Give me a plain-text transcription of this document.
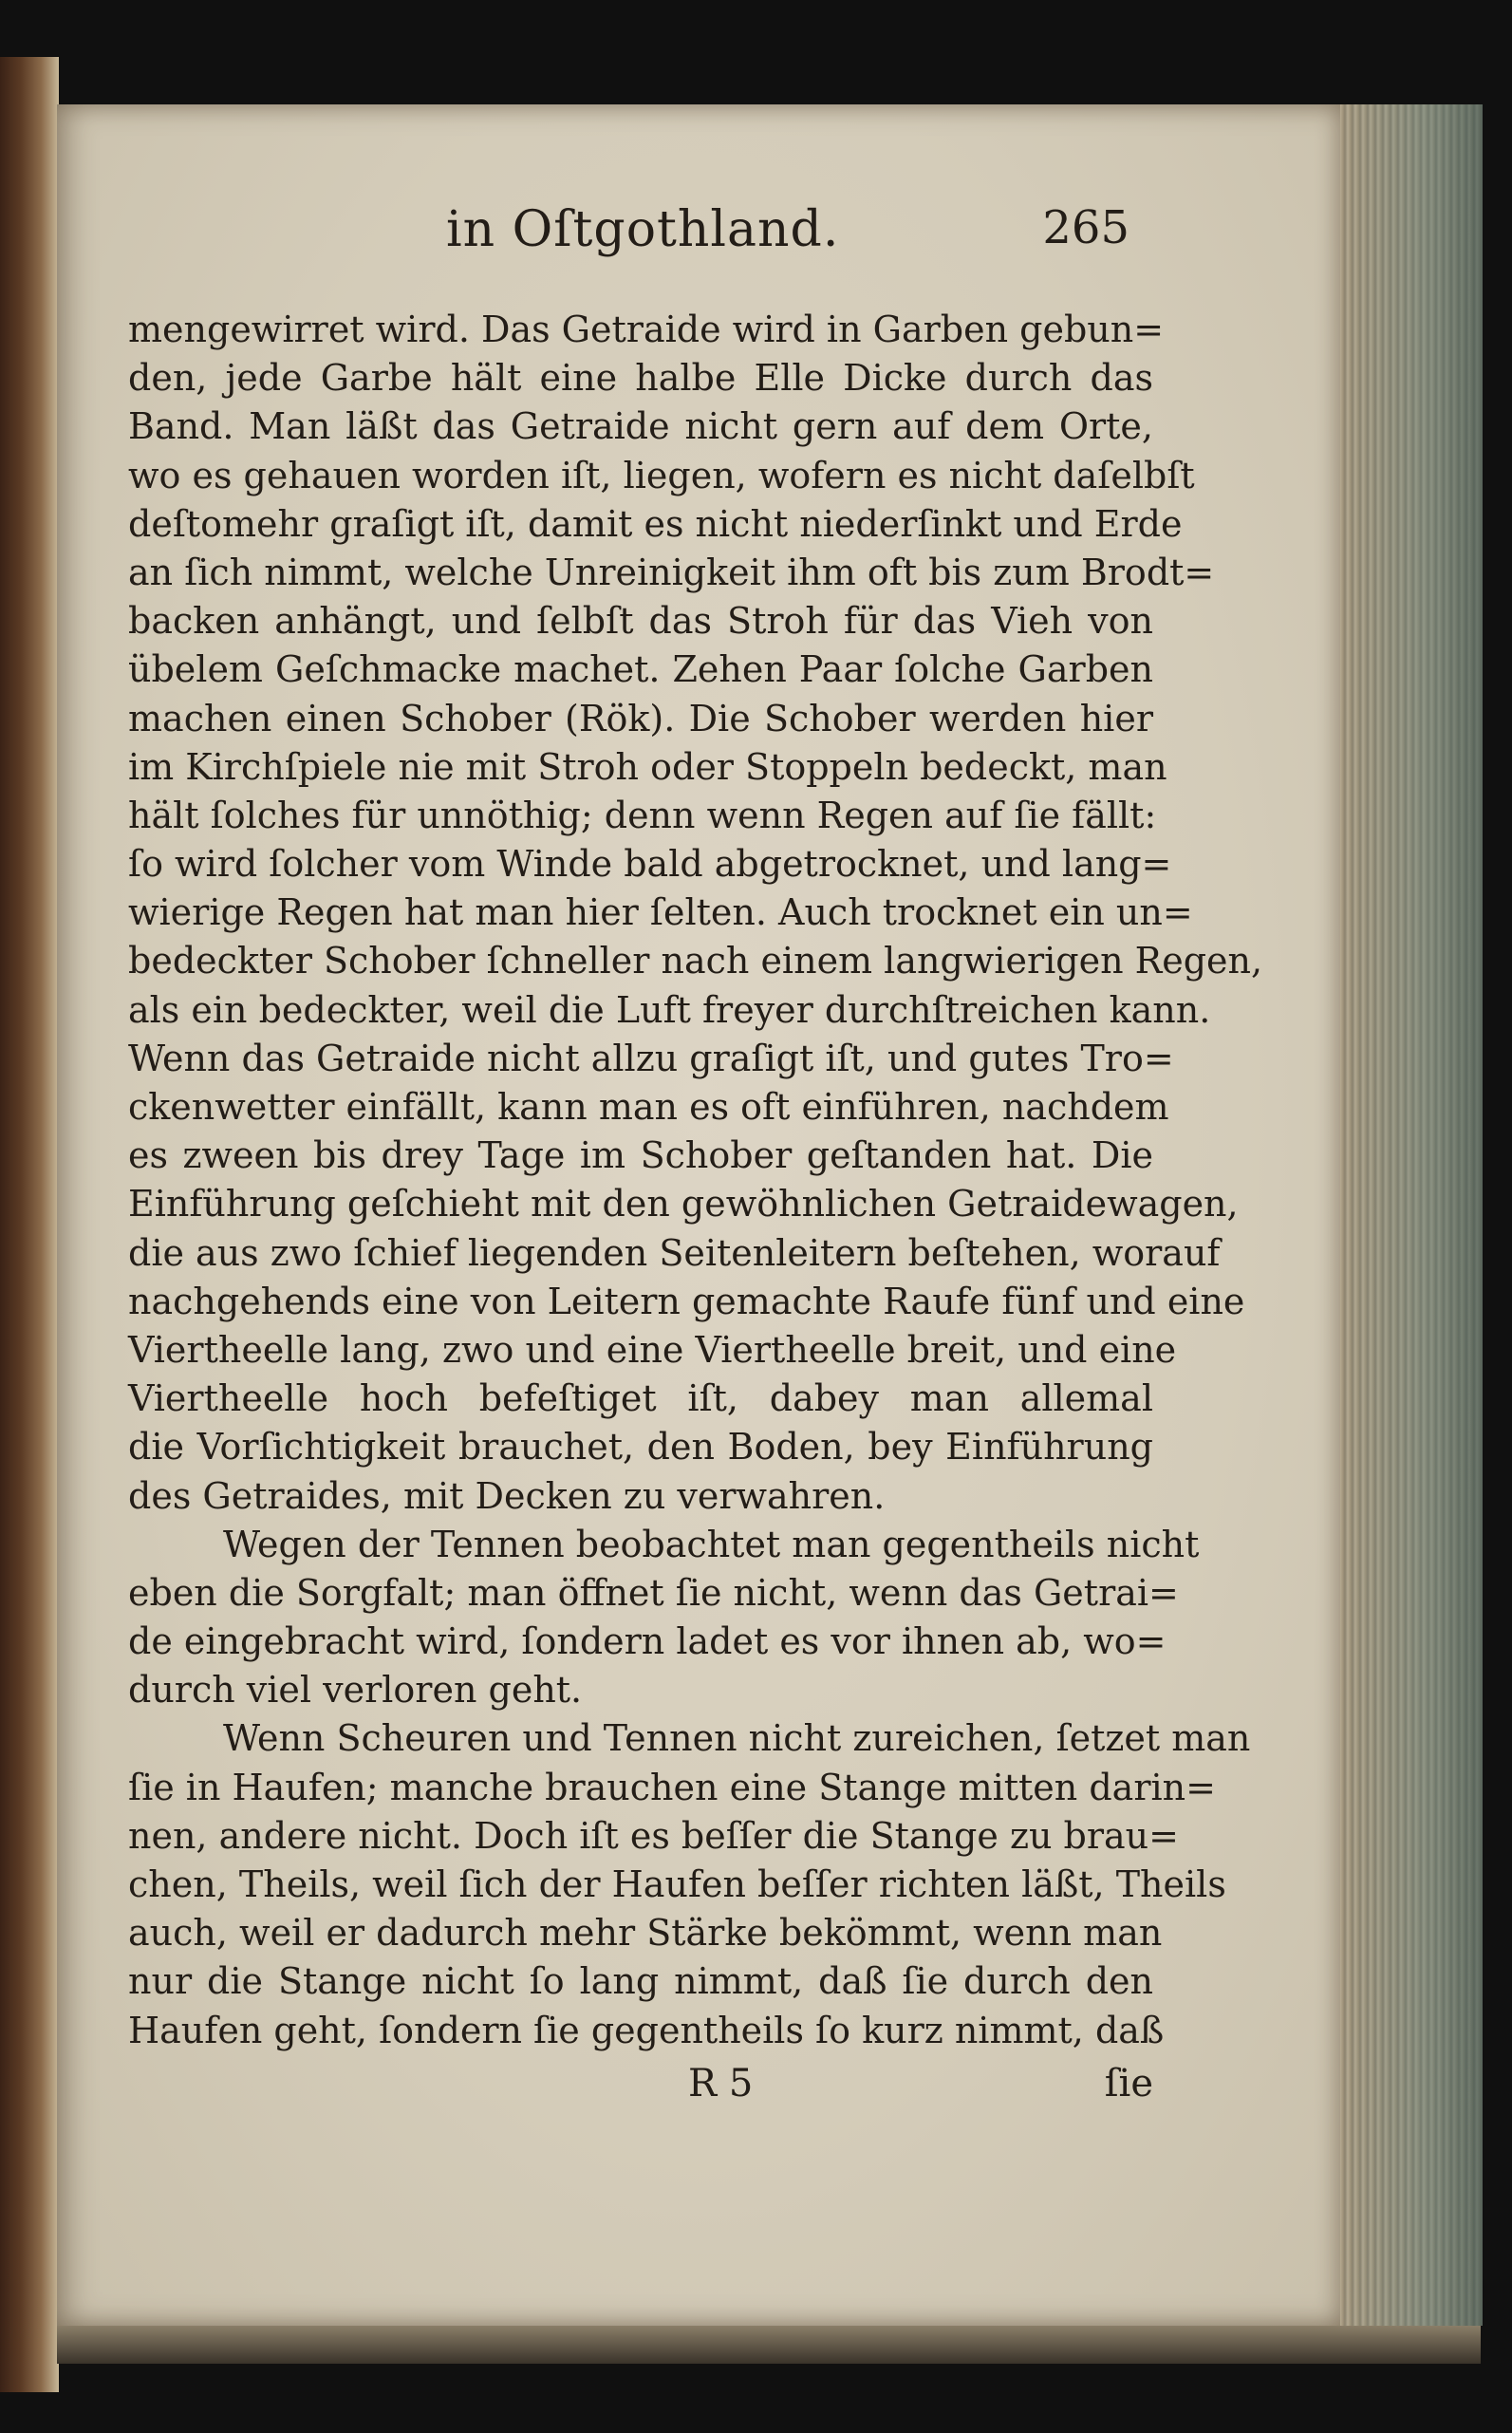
in Oſtgothland.	265
mengewirret wird. Das Getraide wird in Garben gebun=
den, jede Garbe hält eine halbe Elle Dicke durch das
Band. Man läßt das Getraide nicht gern auf dem Orte,
wo es gehauen worden iſt, liegen, wofern es nicht daſelbſt
deſtomehr graſigt iſt, damit es nicht niederſinkt und Erde
an ſich nimmt, welche Unreinigkeit ihm oft bis zum Brodt=
backen anhängt, und ſelbſt das Stroh für das Vieh von
übelem Geſchmacke machet. Zehen Paar ſolche Garben
machen einen Schober (Rök). Die Schober werden hier
im Kirchſpiele nie mit Stroh oder Stoppeln bedeckt, man
hält ſolches für unnöthig; denn wenn Regen auf ſie fällt:
ſo wird ſolcher vom Winde bald abgetrocknet, und lang=
wierige Regen hat man hier ſelten. Auch trocknet ein un=
bedeckter Schober ſchneller nach einem langwierigen Regen,
als ein bedeckter, weil die Luft freyer durchſtreichen kann.
Wenn das Getraide nicht allzu graſigt iſt, und gutes Tro=
ckenwetter einfällt, kann man es oft einführen, nachdem
es zween bis drey Tage im Schober geſtanden hat. Die
Einführung geſchieht mit den gewöhnlichen Getraidewagen,
die aus zwo ſchief liegenden Seitenleitern beſtehen, worauf
nachgehends eine von Leitern gemachte Raufe fünf und eine
Viertheelle lang, zwo und eine Viertheelle breit, und eine
Viertheelle hoch befeſtiget iſt, dabey man allemal
die Vorſichtigkeit brauchet, den Boden, bey Einführung
des Getraides, mit Decken zu verwahren.
Wegen der Tennen beobachtet man gegentheils nicht
eben die Sorgfalt; man öffnet ſie nicht, wenn das Getrai=
de eingebracht wird, ſondern ladet es vor ihnen ab, wo=
durch viel verloren geht.
Wenn Scheuren und Tennen nicht zureichen, ſetzet man
ſie in Haufen; manche brauchen eine Stange mitten darin=
nen, andere nicht. Doch iſt es beſſer die Stange zu brau=
chen, Theils, weil ſich der Haufen beſſer richten läßt, Theils
auch, weil er dadurch mehr Stärke bekömmt, wenn man
nur die Stange nicht ſo lang nimmt, daß ſie durch den
Haufen geht, ſondern ſie gegentheils ſo kurz nimmt, daß
R 5	ſie
